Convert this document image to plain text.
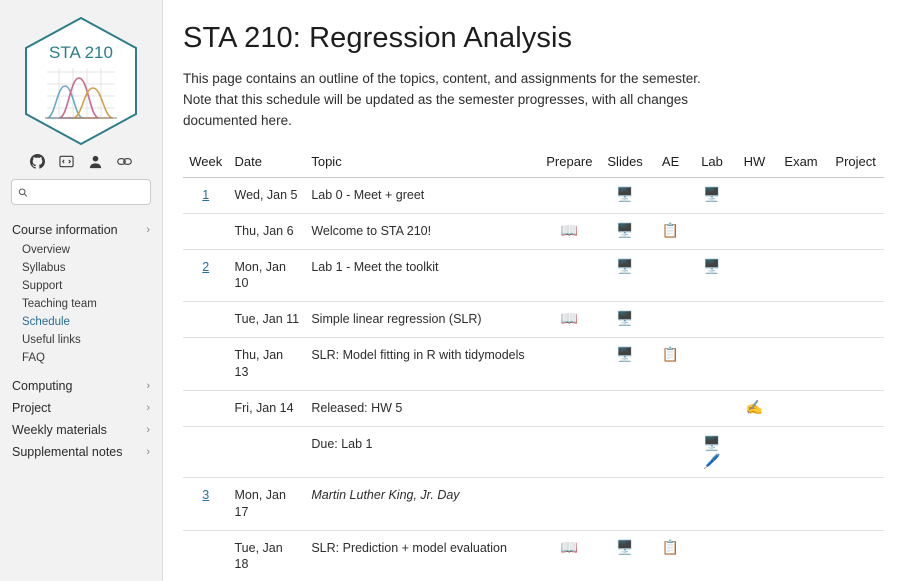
STA 210
Course information	›
Overview
Syllabus
Support
Teaching team
Schedule
Useful links
FAQ
Computing	›
Project	›
Weekly materials	›
Supplemental notes ›
STA 210: Regression Analysis

This page contains an outline of the topics, content, and assignments for the semester. Note that this schedule will be updated as the semester progresses, with all changes documented here.

Week	Date	Topic	Prepare	Slides	AE	Lab	HW	Exam	Project
1	Wed, Jan 5	Lab 0 - Meet + greet		🖥️		🖥️			

	Thu, Jan 6	Welcome to STA 210!	📖	🖥️	📋				

2	Mon, Jan 10	Lab 1 - Meet the toolkit		🖥️		🖥️			

	Tue, Jan 11	Simple linear regression (SLR)	📖	🖥️					

	Thu, Jan 13	SLR: Model fitting in R with tidymodels		🖥️	📋				

	Fri, Jan 14	Released: HW 5					✍️		

		Due: Lab 1				🖥️
🖊️			

3	Mon, Jan 17	Martin Luther King, Jr. Day							
	Tue, Jan 18	SLR: Prediction + model evaluation	📖	🖥️	📋				
